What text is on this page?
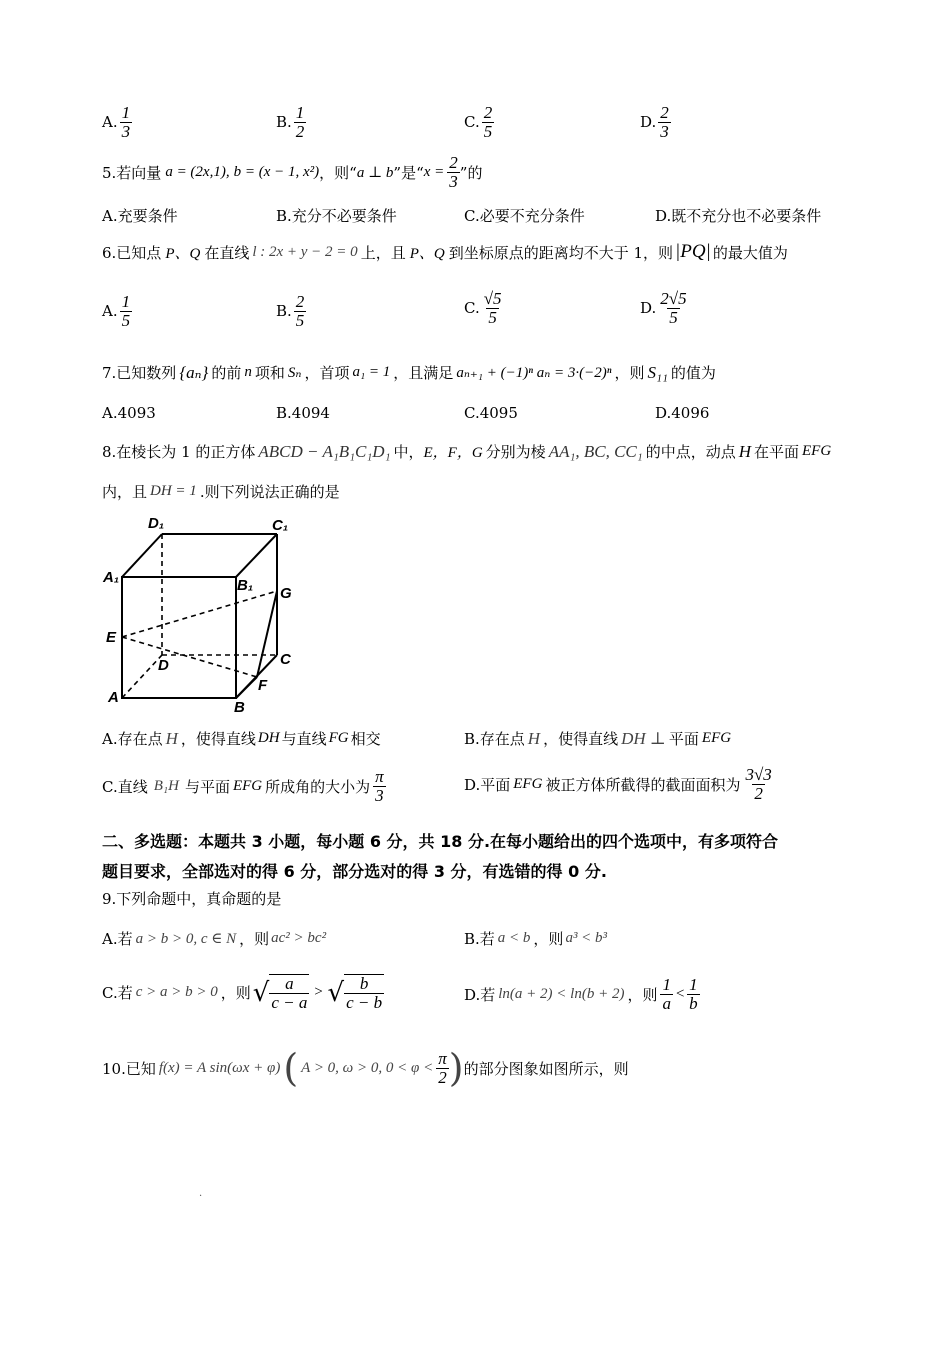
A. $\frac{1}{3}$	B. $\frac{1}{2}$	C. $\frac{2}{5}$	D. $\frac{2}{3}$
5.若向量 a = (2x,1), b = (x − 1, x²) ，则“ a ⊥ b ”是“ $x = \frac{2}{3}$ ”的
A.充要条件	B.充分不必要条件	C.必要不充分条件	D.既不充分也不必要条件
6.已知点 P、Q 在直线 l : 2x + y − 2 = 0 上，且 P、Q 到坐标原点的距离均不大于 1，则 |PQ| 的最大值为
A. $\frac{1}{5}$	B. $\frac{2}{5}$	C. $\frac{√5}{5}$	D. $\frac{2√5}{5}$
7.已知数列 {aₙ} 的前 n 项和 Sₙ ，首项 a₁ = 1 ，且满足 aₙ₊₁ + (−1)ⁿ aₙ = 3·(−2)ⁿ ，则 S₁₁ 的值为
A.4093	B.4094	C.4095	D.4096
8.在棱长为 1 的正方体 ABCD − A₁B₁C₁D₁ 中， E，F，G 分别为棱 AA₁, BC, CC₁ 的中点，动点 H 在平面 EFG
内，且 DH = 1 .则下列说法正确的是
D₁	C₁
A₁	B₁ G
E
D	C
F
A
B
A.存在点 H ，使得直线 DH 与直线 FG 相交	B.存在点 H ，使得直线 DH ⊥ 平面 EFG
C.直线 B₁H 与平面 EFG 所成角的大小为 $\frac{\pi}{3}$	D.平面 EFG 被正方体所截得的截面面积为 $\frac{3√3}{2}$
二、多选题：本题共 3 小题，每小题 6 分，共 18 分.在每小题给出的四个选项中，有多项符合
题目要求，全部选对的得 6 分，部分选对的得 3 分，有选错的得 0 分.
9.下列命题中，真命题的是
A.若 a > b > 0, c ∈ N ，则 ac² > bc²	B.若 a < b ，则 a³ < b³
C.若 c > a > b > 0 ，则 √ $\frac{a}{c - a}$ > √ $\frac{b}{c - b}$	D.若 ln(a + 2) < ln(b + 2) ，则 $\frac{1}{a} < \frac{1}{b}$
10.已知 f(x) = A sin(ωx + φ) ( A > 0, ω > 0, $0 < \varphi < \frac{\pi}{2}$ ) 的部分图象如图所示，则
.
